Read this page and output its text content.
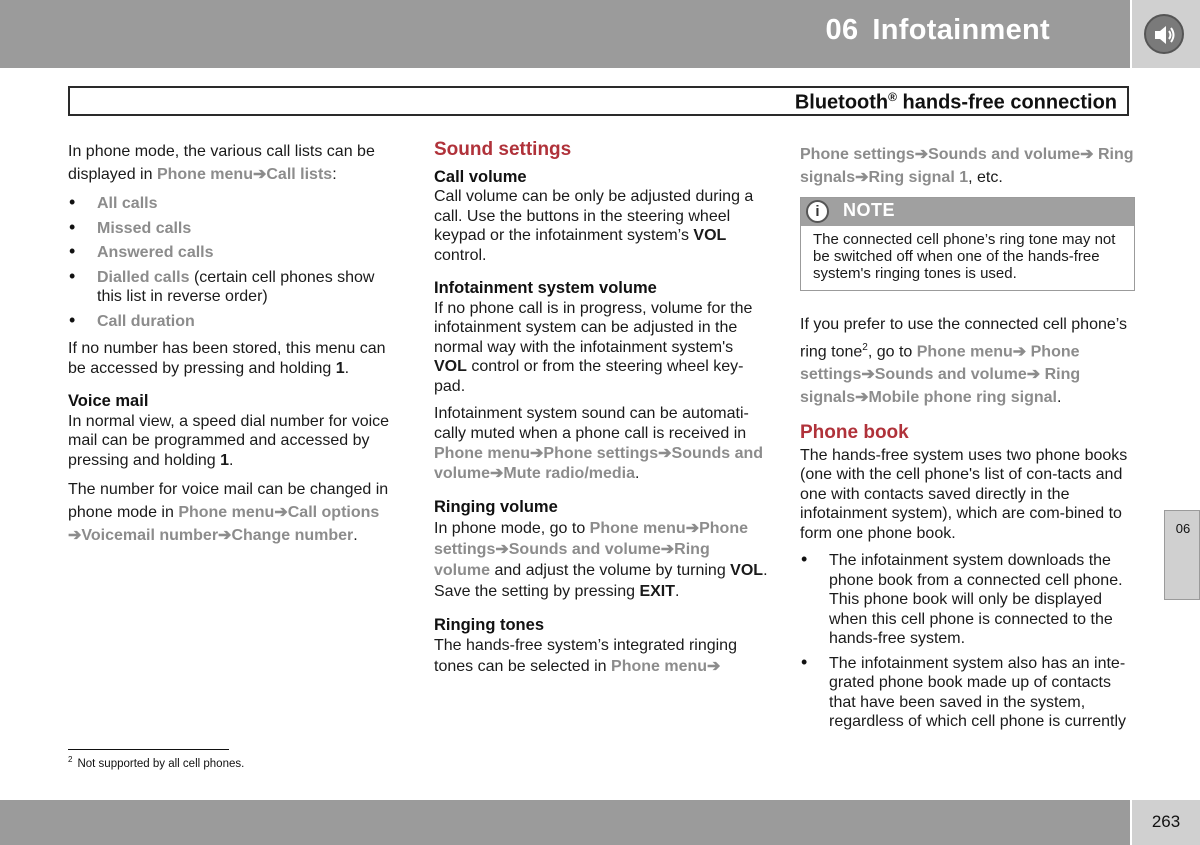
06 Infotainment
Bluetooth® hands-free connection

In phone mode, the various call lists can be displayed in Phone menu➔Call lists:

• All calls
• Missed calls
• Answered calls
• Dialled calls (certain cell phones show this list in reverse order)
• Call duration

If no number has been stored, this menu can be accessed by pressing and holding 1.

Voice mail

In normal view, a speed dial number for voice mail can be programmed and accessed by pressing and holding 1.

The number for voice mail can be changed in phone mode in Phone menu➔Call options ➔Voicemail number➔Change number.

Sound settings
Call volume

Call volume can be only be adjusted during a call. Use the buttons in the steering wheel keypad or the infotainment system’s VOL control.

Infotainment system volume

If no phone call is in progress, volume for the infotainment system can be adjusted in the normal way with the infotainment system's VOL control or from the steering wheel key-pad.

Infotainment system sound can be automati-cally muted when a phone call is received in Phone menu➔Phone settings➔Sounds and volume➔Mute radio/media.

Ringing volume

In phone mode, go to Phone menu➔Phone settings➔Sounds and volume➔Ring volume and adjust the volume by turning VOL. Save the setting by pressing EXIT.

Ringing tones

The hands-free system’s integrated ringing tones can be selected in Phone menu➔

Phone settings➔Sounds and volume➔ Ring signals➔Ring signal 1, etc.

i	NOTE
The connected cell phone’s ring tone may not be switched off when one of the hands-free system's ringing tones is used.

If you prefer to use the connected cell phone’s ring tone$^2$, go to Phone menu➔ Phone settings➔Sounds and volume➔ Ring signals➔Mobile phone ring signal.

Phone book

The hands-free system uses two phone books (one with the cell phone's list of con-tacts and one with contacts saved directly in the infotainment system), which are com-bined to form one phone book.

• The infotainment system downloads the phone book from a connected cell phone. This phone book will only be displayed when this cell phone is connected to the hands-free system.
• The infotainment system also has an inte-grated phone book made up of contacts that have been saved in the system, regardless of which cell phone is currently
$^2$ Not supported by all cell phones.
06
263
